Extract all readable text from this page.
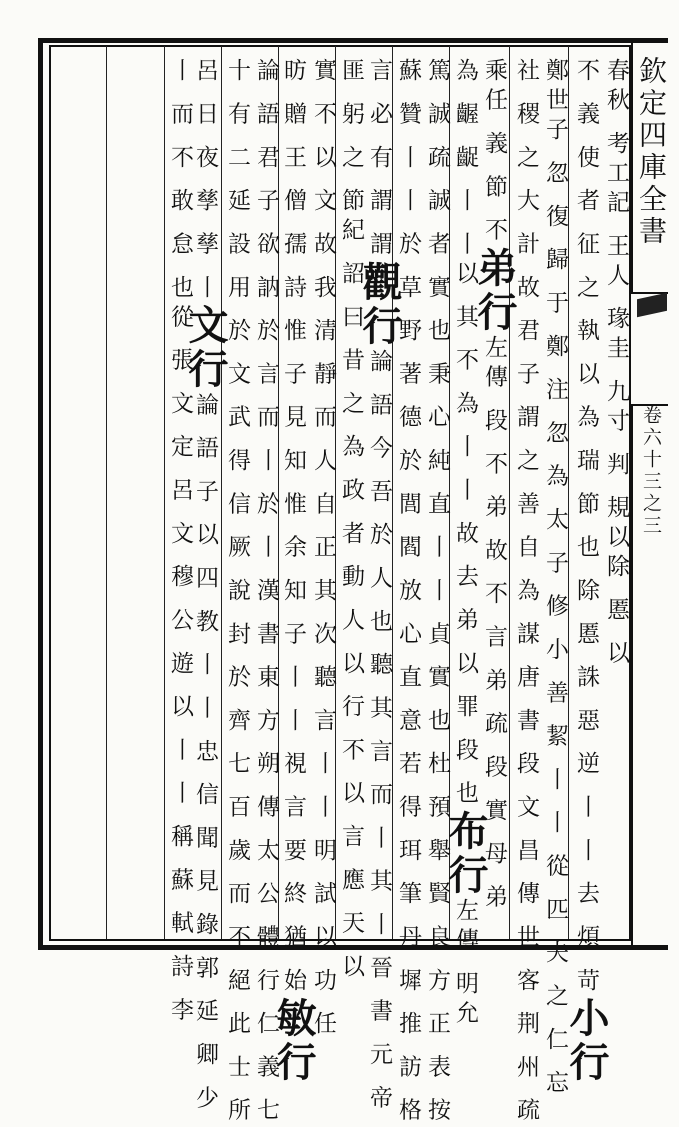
欽定四庫全書
卷六十三之三
春秋 考工記 王人 瑑圭 九寸 判 規以除 慝 以
不 義 使 者 征 之 執 以 為 瑞 節 也 除 慝 誅 惡 逆 丨 丨 去 煩 苛小行
鄭世子 忽 復 歸 于 鄭 注 忽 為 太 子 修 小 善 絜 丨 丨 從 匹 夫 之 仁 忘
社 稷 之 大 計 故 君 子 謂 之 善 自 為 謀 唐 書 段 文 昌 傳 世 客 荆 州 疏
乘任 義 節 不弟行左傳 段 不 弟 故 不 言 弟 疏 段 實 母 弟
為 齷 齪 丨 丨以 其 不 為 丨 丨 故 去 弟 以 罪 段 也布行左傳 明允
篤 誠 疏 誠 者 實 也 秉 心 純 直 丨 丨 貞 實 也 杜 預 舉 賢 良 方 正 表 按
蘇 贊 丨 丨 於 草 野 著 德 於 閭 閻 放 心 直 意 若 得 珥 筆 丹 墀 推 訪 格
言 必 有 謂 謂觀行論 語 今 吾 於 人 也 聽 其 言 而 丨 其 丨 晉 書 元 帝
匪 躬 之 節紀 詔 曰 昔 之 為 政 者 動 人 以 行 不 以 言 應 天 以
實 不 以 文 故 我 清 靜 而 人 自 正 其 次 聽 言 丨 丨 明 試 以 功 任
昉 贈 王 僧 孺 詩 惟 子 見 知 惟 余 知 子 丨 丨 視 言 要 終 猶 始敏行
論 語 君 子 欲 訥 於 言 而 丨 於 丨 漢 書 東 方 朔 傳 太 公 體 行 仁 義 七
十 有 二 延 設 用 於 文 武 得 信 厥 說 封 於 齊 七 百 歲 而 不 絕 此 士 所
呂 日 夜 孳 孳 丨文行論 語 子 以 四 教 丨 丨 忠 信 聞 見 錄 郭 延 卿 少
丨 而 不 敢 怠 也從 張 文 定 呂 文 穆 公 遊 以 丨 丨 稱 蘇 軾 詩 李
